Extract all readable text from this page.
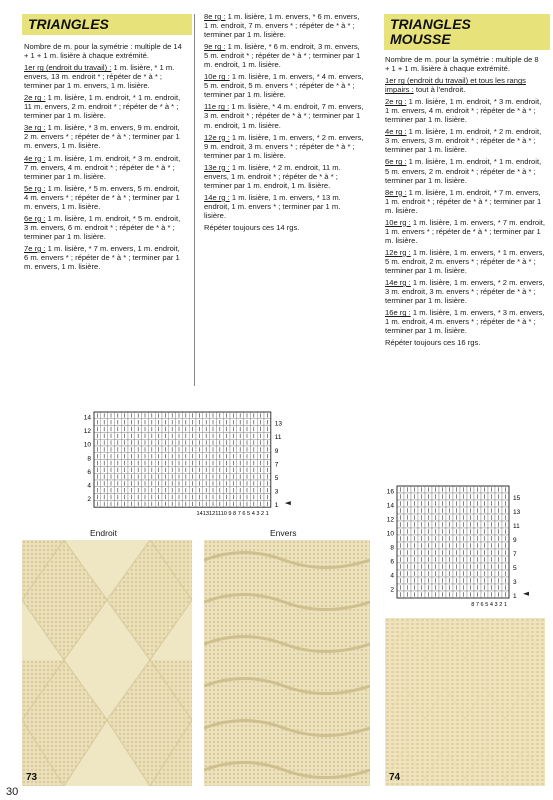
TRIANGLES

Nombre de m. pour la symétrie : multiple de 14 + 1 + 1 m. lisière à chaque extrémité.

1er rg (endroit du travail) : 1 m. lisière, * 1 m. envers, 13 m. endroit * ; répéter de * à * ; terminer par 1 m. envers, 1 m. lisière.

2e rg : 1 m. lisière, 1 m. endroit, * 1 m. endroit, 11 m. envers, 2 m. endroit * ; répéter de * à * ; terminer par 1 m. lisière.

3e rg : 1 m. lisière, * 3 m. envers, 9 m. endroit, 2 m. envers * ; répéter de * à * ; terminer par 1 m. envers, 1 m. lisière.

4e rg : 1 m. lisière, 1 m. endroit, * 3 m. endroit, 7 m. envers, 4 m. endroit * ; répéter de * à * ; terminer par 1 m. lisière.

5e rg : 1 m. lisière, * 5 m. envers, 5 m. endroit, 4 m. envers * ; répéter de * à * ; terminer par 1 m. envers, 1 m. lisière.

6e rg : 1 m. lisière, 1 m. endroit, * 5 m. endroit, 3 m. envers, 6 m. endroit * ; répéter de * à * ; terminer par 1 m. lisière.

7e rg : 1 m. lisière, * 7 m. envers, 1 m. endroit, 6 m. envers * ; répéter de * à * ; terminer par 1 m. envers, 1 m. lisière.

8e rg : 1 m. lisière, 1 m. envers, * 6 m. envers, 1 m. endroit, 7 m. envers * ; répéter de * à * ; terminer par 1 m. lisière.

9e rg : 1 m. lisière, * 6 m. endroit, 3 m. envers, 5 m. endroit * ; répéter de * à * ; terminer par 1 m. endroit, 1 m. lisière.

10e rg : 1 m. lisière, 1 m. envers, * 4 m. envers, 5 m. endroit, 5 m. envers * ; répéter de * à * ; terminer par 1 m. lisière.

11e rg : 1 m. lisière, * 4 m. endroit, 7 m. envers, 3 m. endroit * ; répéter de * à * ; terminer par 1 m. endroit, 1 m. lisière.

12e rg : 1 m. lisière, 1 m. envers, * 2 m. envers, 9 m. endroit, 3 m. envers * ; répéter de * à * ; terminer par 1 m. lisière.

13e rg : 1 m. lisière, * 2 m. endroit, 11 m. envers, 1 m. endroit * ; répéter de * à * ; terminer par 1 m. endroit, 1 m. lisière.

14e rg : 1 m. lisière, 1 m. envers, * 13 m. endroit, 1 m. envers * ; terminer par 1 m. lisière.

Répéter toujours ces 14 rgs.

TRIANGLES
MOUSSE

Nombre de m. pour la symétrie : multiple de 8 + 1 + 1 m. lisière à chaque extrémité.

1er rg (endroit du travail) et tous les rangs impairs : tout à l'endroit.

2e rg : 1 m. lisière, 1 m. endroit, * 3 m. endroit, 1 m. envers, 4 m. endroit * ; répéter de * à * ; terminer par 1 m. lisière.

4e rg : 1 m. lisière, 1 m. endroit, * 2 m. endroit, 3 m. envers, 3 m. endroit * ; répéter de * à * ; terminer par 1 m. lisière.

6e rg : 1 m. lisière, 1 m. endroit, * 1 m. endroit, 5 m. envers, 2 m. endroit * ; répéter de * à * ; terminer par 1 m. lisière.

8e rg : 1 m. lisière, 1 m. endroit, * 7 m. envers, 1 m. endroit * ; répéter de * à * ; terminer par 1 m. lisière.

10e rg : 1 m. lisière, 1 m. envers, * 7 m. endroit, 1 m. envers * ; répéter de * à * ; terminer par 1 m. lisière.

12e rg : 1 m. lisière, 1 m. envers, * 1 m. envers, 5 m. endroit, 2 m. envers * ; répéter de * à * ; terminer par 1 m. lisière.

14e rg : 1 m. lisière, 1 m. envers, * 2 m. envers, 3 m. endroit, 3 m. envers * ; répéter de * à * ; terminer par 1 m. lisière.

16e rg : 1 m. lisière, 1 m. envers, * 3 m. envers, 1 m. endroit, 4 m. envers * ; répéter de * à * ; terminer par 1 m. lisière.

Répéter toujours ces 16 rgs.

14
12
10
8
6
4
2
13
11
9
7
5
3
1
1413121110 9 8 7 6 5 4 3 2 1
Endroit	Envers
16
14
12
10
8
6
4
2
15
13
11
9
7
5
3
1
8 7 6 5 4 3 2 1
73	74
30
